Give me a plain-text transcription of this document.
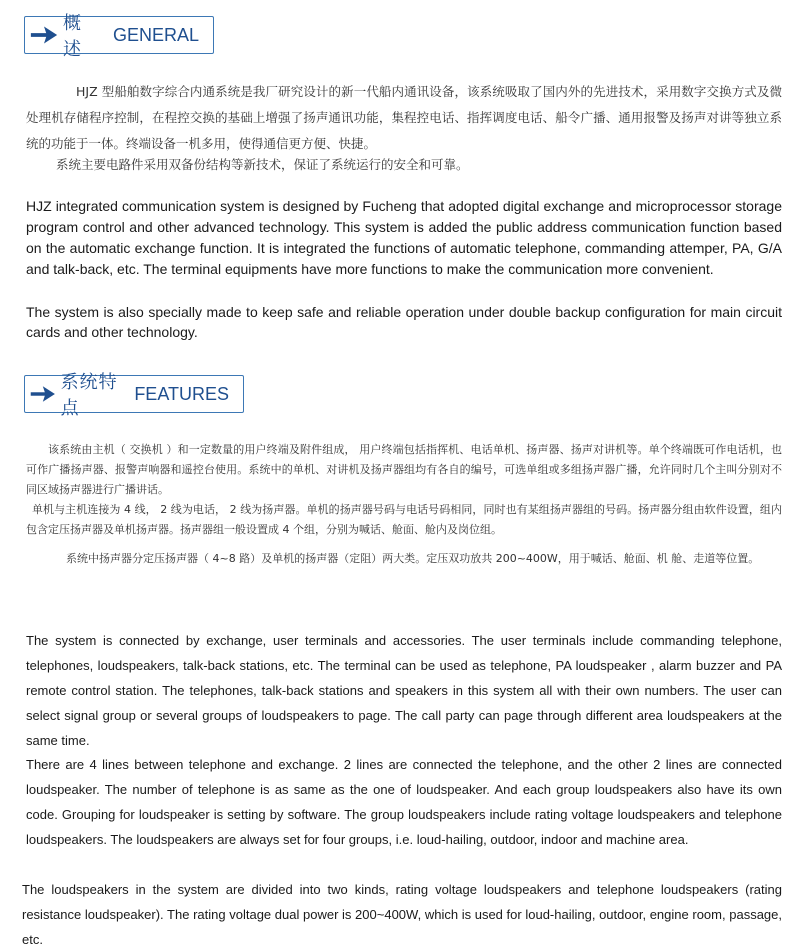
概 述
GENERAL

HJZ 型船舶数字综合内通系统是我厂研究设计的新一代船内通讯设备，该系统吸取了国内外的先进技术，采用数字交换方式及微处理机存储程序控制，在程控交换的基础上增强了扬声通讯功能，集程控电话、指挥调度电话、船令广播、通用报警及扬声对讲等独立系统的功能于一体。终端设备一机多用，使得通信更方便、快捷。

系统主要电路件采用双备份结构等新技术，保证了系统运行的安全和可靠。

HJZ integrated communication system is designed by Fucheng that adopted digital exchange and microprocessor storage program control and other advanced technology. This system is added the public address communication function based on the automatic exchange function. It is integrated the functions of automatic telephone, commanding attemper, PA, G/A and talk-back, etc. The terminal equipments have more functions to make the communication more convenient.

The system is also specially made to keep safe and reliable operation under double backup configuration for main circuit cards and other technology.

系统特点
FEATURES

该系统由主机（ 交换机 ）和一定数量的用户终端及附件组成， 用户终端包括指挥机、电话单机、扬声器、扬声对讲机等。单个终端既可作电话机，也可作广播扬声器、报警声响器和遥控台使用。系统中的单机、对讲机及扬声器组均有各自的编号，可选单组或多组扬声器广播，允许同时几个主叫分别对不同区域扬声器进行广播讲话。

单机与主机连接为 4 线， 2 线为电话， 2 线为扬声器。单机的扬声器号码与电话号码相同，同时也有某组扬声器组的号码。扬声器分组由软件设置，组内包含定压扬声器及单机扬声器。扬声器组一般设置成 4 个组，分别为喊话、舱面、舱内及岗位组。

系统中扬声器分定压扬声器（ 4~8 路）及单机的扬声器（定阻）两大类。定压双功放共 200~400W，用于喊话、舱面、机 舱、走道等位置。

The system is connected by exchange, user terminals and accessories. The user terminals include commanding telephone, telephones, loudspeakers, talk-back stations, etc. The terminal can be used as telephone, PA loudspeaker , alarm buzzer and PA remote control station. The telephones, talk-back stations and speakers in this system all with their own numbers. The user can select signal group or several groups of loudspeakers to page. The call party can page through different area loudspeakers at the same time.

There are 4 lines between telephone and exchange. 2 lines are connected the telephone, and the other 2 lines are connected loudspeaker. The number of telephone is as same as the one of loudspeaker. And each group loudspeakers also have its own code. Grouping for loudspeaker is setting by software. The group loudspeakers include rating voltage loudspeakers and telephone loudspeakers. The loudspeakers are always set for four groups, i.e. loud-hailing, outdoor, indoor and machine area.

The loudspeakers in the system are divided into two kinds, rating voltage loudspeakers and telephone loudspeakers (rating resistance loudspeaker). The rating voltage dual power is 200~400W, which is used for loud-hailing, outdoor, engine room, passage, etc.
